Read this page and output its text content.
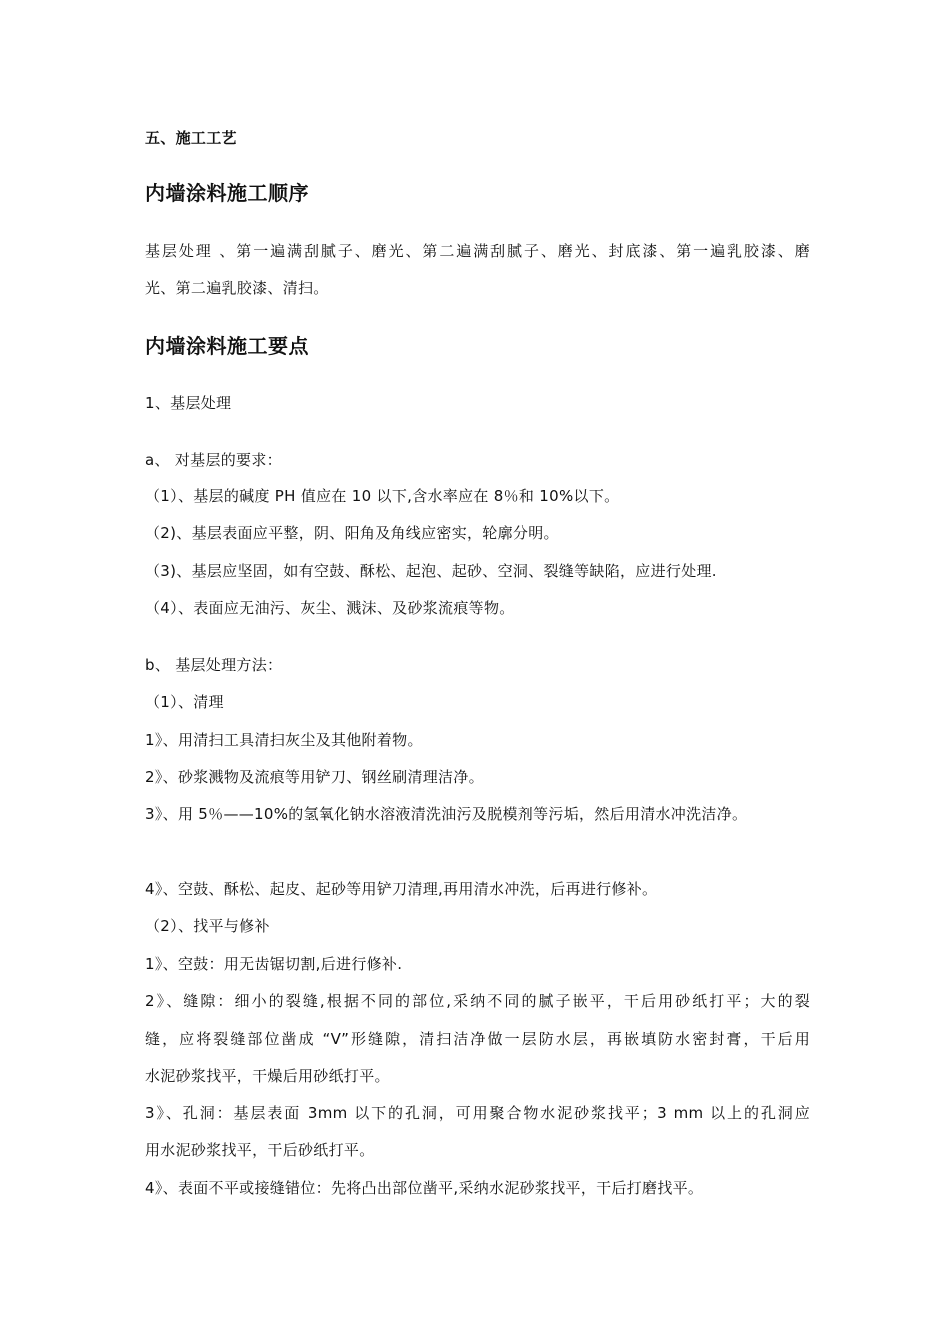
五、施工工艺
内墙涂料施工顺序
基层处理 、第一遍满刮腻子、磨光、第二遍满刮腻子、磨光、封底漆、第一遍乳胶漆、磨
光、第二遍乳胶漆、清扫。
内墙涂料施工要点
1、基层处理
a、 对基层的要求：
（1）、基层的碱度 PH 值应在 10 以下,含水率应在 8％和 10%以下。
（2)、基层表面应平整，阴、阳角及角线应密实，轮廓分明。
（3)、基层应坚固，如有空鼓、酥松、起泡、起砂、空洞、裂缝等缺陷，应进行处理.
（4）、表面应无油污、灰尘、溅沫、及砂浆流痕等物。
b、 基层处理方法：
（1）、清理
1》、用清扫工具清扫灰尘及其他附着物。
2》、砂浆溅物及流痕等用铲刀、钢丝刷清理洁净。
3》、用 5％——10%的氢氧化钠水溶液清洗油污及脱模剂等污垢，然后用清水冲洗洁净。
4》、空鼓、酥松、起皮、起砂等用铲刀清理,再用清水冲洗，后再进行修补。
（2）、找平与修补
1》、空鼓：用无齿锯切割,后进行修补.
2》、缝隙：细小的裂缝,根据不同的部位,采纳不同的腻子嵌平，干后用砂纸打平；大的裂
缝，应将裂缝部位凿成 “V”形缝隙，清扫洁净做一层防水层，再嵌填防水密封膏，干后用
水泥砂浆找平，干燥后用砂纸打平。
3》、孔洞：基层表面 3mm 以下的孔洞，可用聚合物水泥砂浆找平；3 mm 以上的孔洞应
用水泥砂浆找平，干后砂纸打平。
4》、表面不平或接缝错位：先将凸出部位凿平,采纳水泥砂浆找平，干后打磨找平。
